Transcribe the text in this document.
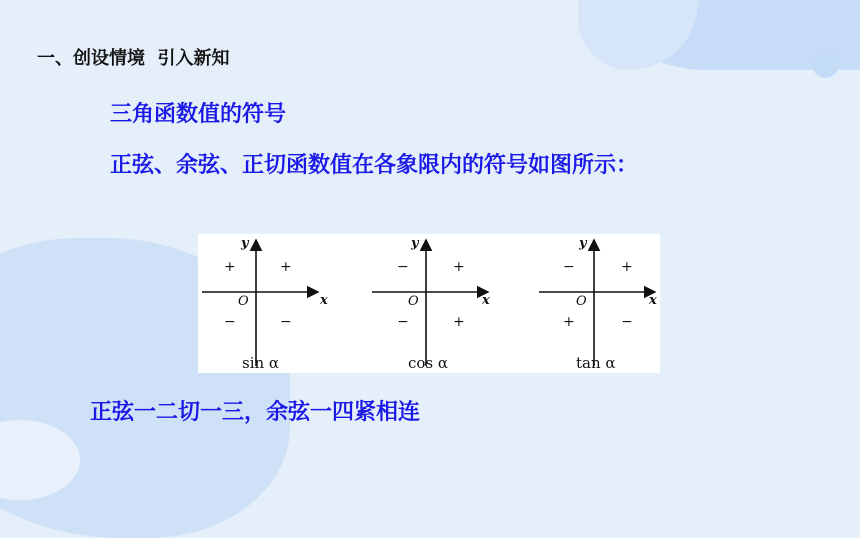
一、创设情境  引入新知
三角函数值的符号
正弦、余弦、正切函数值在各象限内的符号如图所示：
x
y
O
+	+
−	−
sin α
x
y
O
−	+
−	+
cos α
x
y
O
−	+
+	−
tan α
正弦一二切一三，余弦一四紧相连
